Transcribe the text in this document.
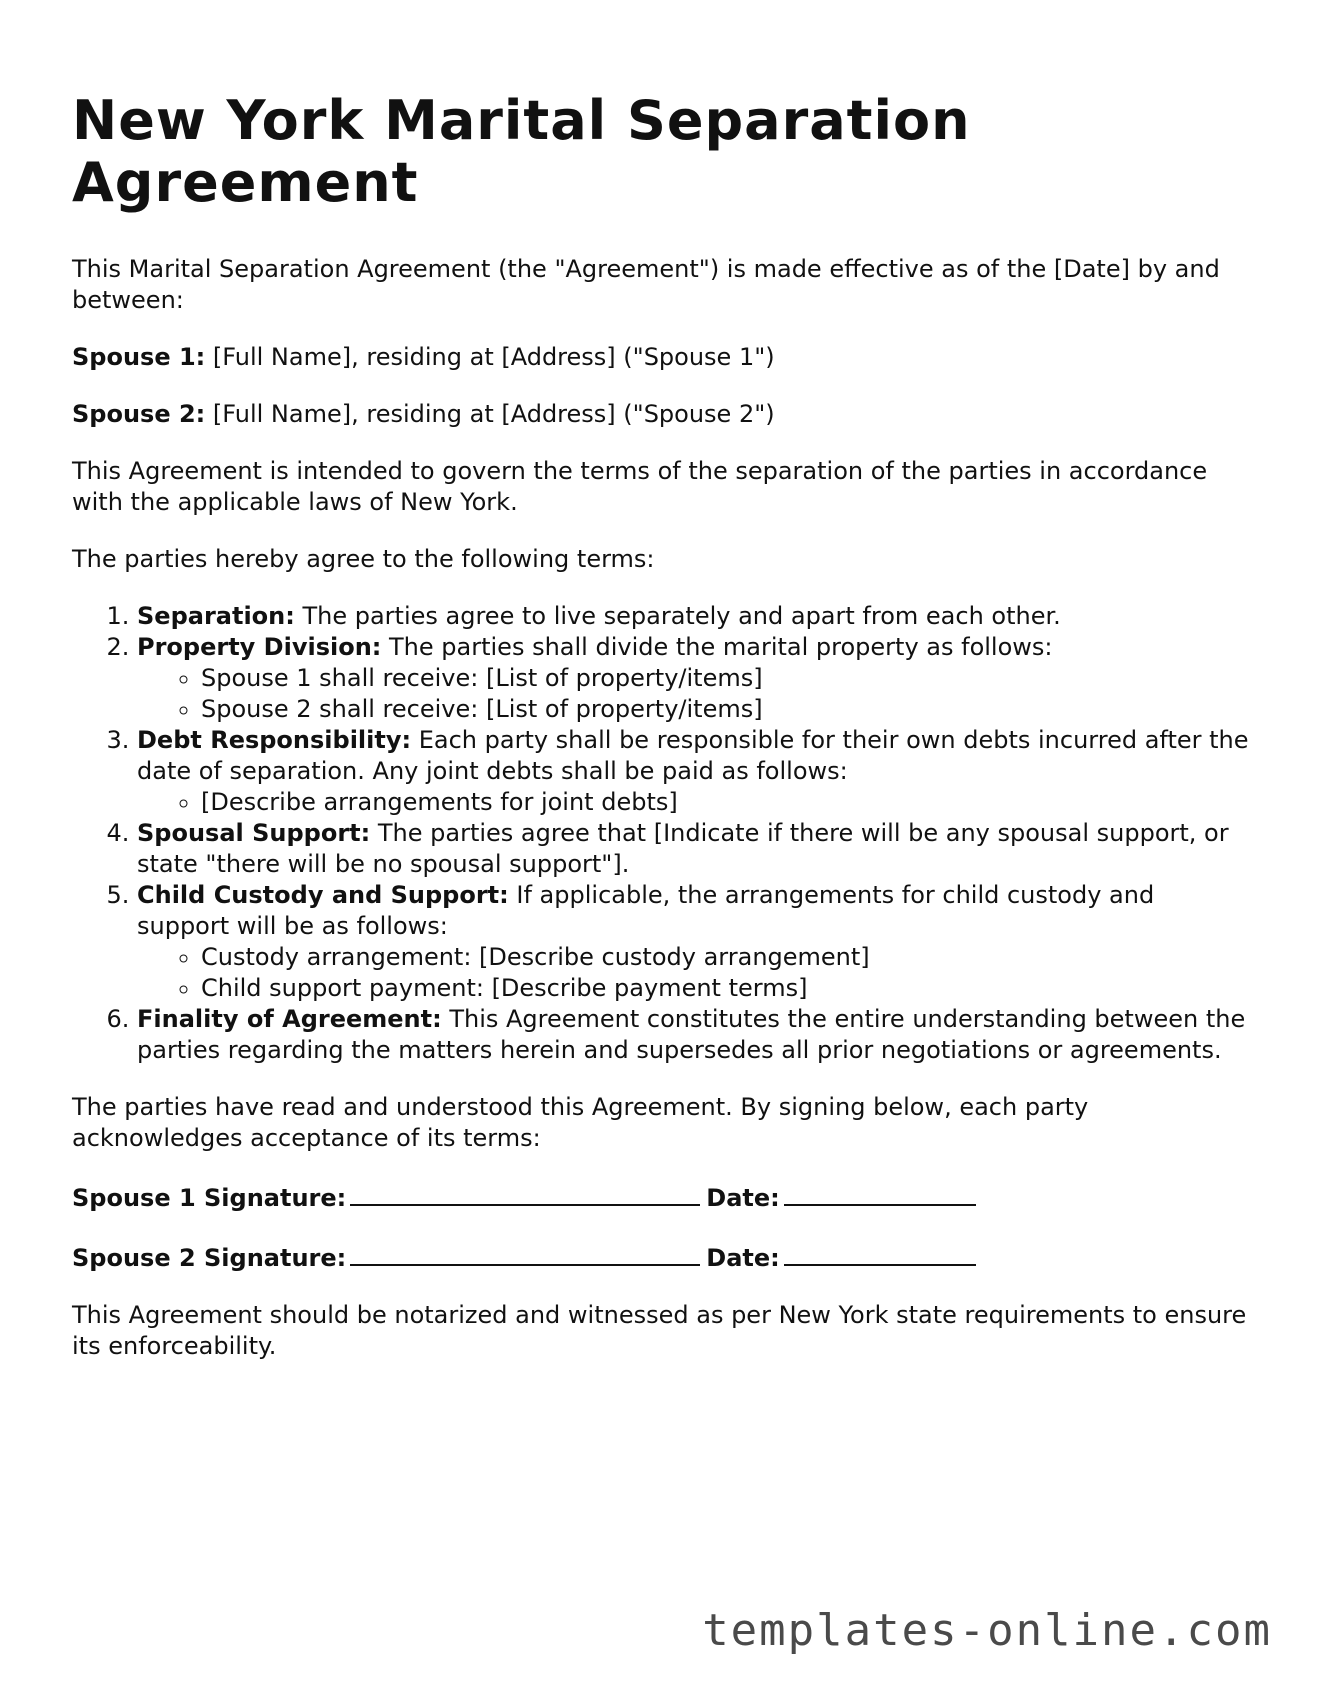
New York Marital Separation Agreement

This Marital Separation Agreement (the "Agreement") is made effective as of the [Date] by and between:

Spouse 1: [Full Name], residing at [Address] ("Spouse 1")

Spouse 2: [Full Name], residing at [Address] ("Spouse 2")

This Agreement is intended to govern the terms of the separation of the parties in accordance with the applicable laws of New York.

The parties hereby agree to the following terms:

1. Separation: The parties agree to live separately and apart from each other.
2. Property Division: The parties shall divide the marital property as follows:
◦ Spouse 1 shall receive: [List of property/items]
◦ Spouse 2 shall receive: [List of property/items]
3. Debt Responsibility: Each party shall be responsible for their own debts incurred after the date of separation. Any joint debts shall be paid as follows:
◦ [Describe arrangements for joint debts]
4. Spousal Support: The parties agree that [Indicate if there will be any spousal support, or state "there will be no spousal support"].
5. Child Custody and Support: If applicable, the arrangements for child custody and support will be as follows:
◦ Custody arrangement: [Describe custody arrangement]
◦ Child support payment: [Describe payment terms]
6. Finality of Agreement: This Agreement constitutes the entire understanding between the parties regarding the matters herein and supersedes all prior negotiations or agreements.

The parties have read and understood this Agreement. By signing below, each party acknowledges acceptance of its terms:

Spouse 1 Signature:	Date:
Spouse 2 Signature:	Date:

This Agreement should be notarized and witnessed as per New York state requirements to ensure its enforceability.

templates-online.com
